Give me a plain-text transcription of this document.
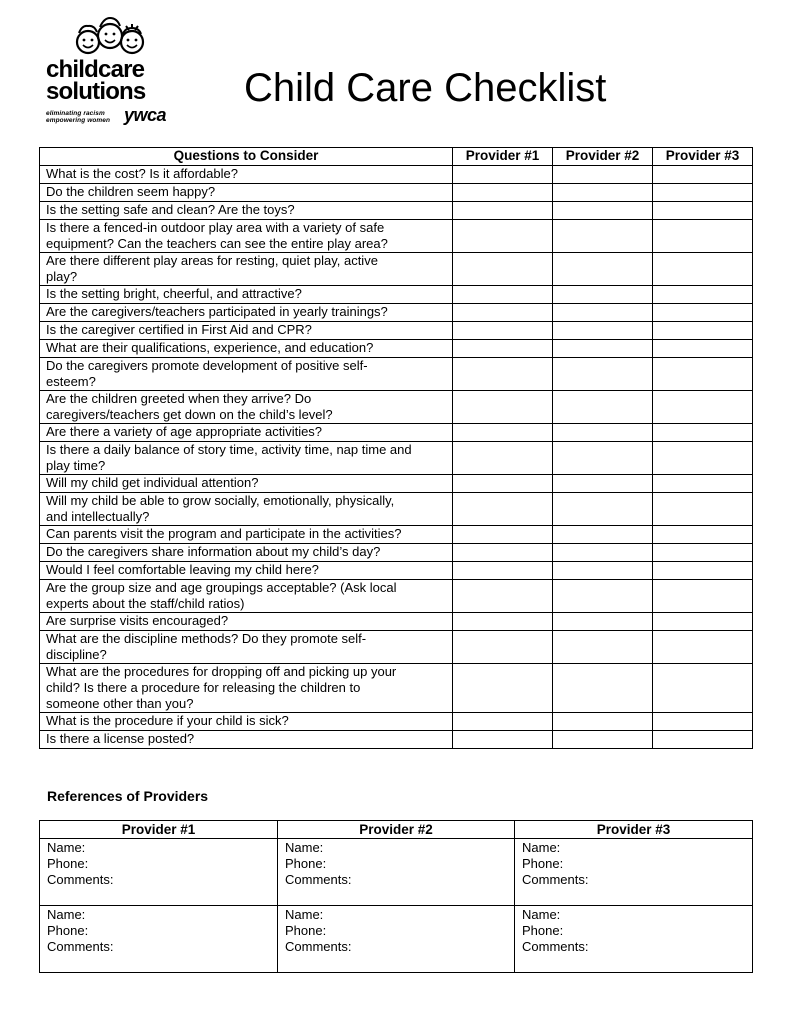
childcare
solutions
eliminating racism
empowering women ywca
Child Care Checklist
Questions to Consider	Provider #1	Provider #2	Provider #3

What is the cost? Is it affordable?			

Do the children seem happy?			

Is the setting safe and clean? Are the toys?			

Is there a fenced-in outdoor play area with a variety of safe
equipment? Can the teachers can see the entire play area?			

Are there different play areas for resting, quiet play, active
play?			

Is the setting bright, cheerful, and attractive?			

Are the caregivers/teachers participated in yearly trainings?			

Is the caregiver certified in First Aid and CPR?			

What are their qualifications, experience, and education?			

Do the caregivers promote development of positive self-
esteem?			

Are the children greeted when they arrive? Do
caregivers/teachers get down on the child’s level?			

Are there a variety of age appropriate activities?			

Is there a daily balance of story time, activity time, nap time and
play time?			

Will my child get individual attention?			

Will my child be able to grow socially, emotionally, physically,
and intellectually?			

Can parents visit the program and participate in the activities?			

Do the caregivers share information about my child’s day?			

Would I feel comfortable leaving my child here?			

Are the group size and age groupings acceptable? (Ask local
experts about the staff/child ratios)			

Are surprise visits encouraged?			

What are the discipline methods? Do they promote self-
discipline?			

What are the procedures for dropping off and picking up your
child? Is there a procedure for releasing the children to
someone other than you?			

What is the procedure if your child is sick?			

Is there a license posted?			

References of Providers
Provider #1	Provider #2	Provider #3

Name:
Phone:
Comments:	Name:
Phone:
Comments:	Name:
Phone:
Comments:

Name:
Phone:
Comments:	Name:
Phone:
Comments:	Name:
Phone:
Comments:
